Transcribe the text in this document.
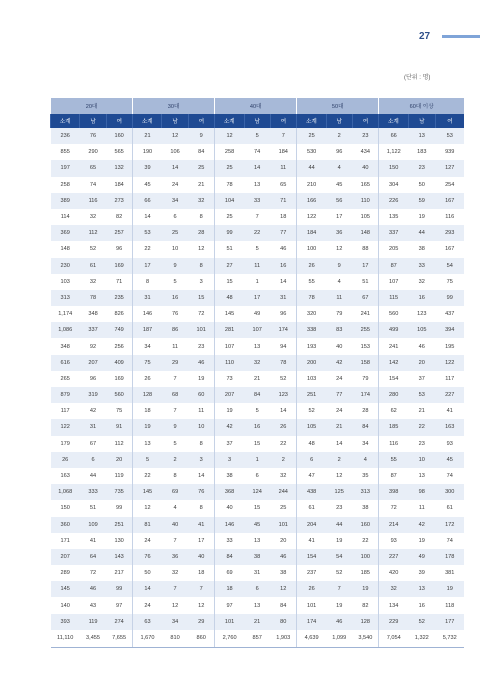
27
(단위 : 명)
20대			30대			40대			50대			60대 이상		
소계	남	여	소계	남	여	소계	남	여	소계	남	여	소계	남	여
236	76	160	21	12	9	12	5	7	25	2	23	66	13	53
855	290	565	190	106	84	258	74	184	530	96	434	1,122	183	939
197	65	132	39	14	25	25	14	11	44	4	40	150	23	127
258	74	184	45	24	21	78	13	65	210	45	165	304	50	254
389	116	273	66	34	32	104	33	71	166	56	110	226	59	167
114	32	82	14	6	8	25	7	18	122	17	105	135	19	116
369	112	257	53	25	28	99	22	77	184	36	148	337	44	293
148	52	96	22	10	12	51	5	46	100	12	88	205	38	167
230	61	169	17	9	8	27	11	16	26	9	17	87	33	54
103	32	71	8	5	3	15	1	14	55	4	51	107	32	75
313	78	235	31	16	15	48	17	31	78	11	67	115	16	99
1,174	348	826	146	76	72	145	49	96	320	79	241	560	123	437
1,086	337	749	187	86	101	281	107	174	338	83	255	499	105	394
348	92	256	34	11	23	107	13	94	193	40	153	241	46	195
616	207	409	75	29	46	110	32	78	200	42	158	142	20	122
265	96	169	26	7	19	73	21	52	103	24	79	154	37	117
879	319	560	128	68	60	207	84	123	251	77	174	280	53	227
117	42	75	18	7	11	19	5	14	52	24	28	62	21	41
122	31	91	19	9	10	42	16	26	105	21	84	185	22	163
179	67	112	13	5	8	37	15	22	48	14	34	116	23	93
26	6	20	5	2	3	3	1	2	6	2	4	55	10	45
163	44	119	22	8	14	38	6	32	47	12	35	87	13	74
1,068	333	735	145	69	76	368	124	244	438	125	313	398	98	300
150	51	99	12	4	8	40	15	25	61	23	38	72	11	61
360	109	251	81	40	41	146	45	101	204	44	160	214	42	172
171	41	130	24	7	17	33	13	20	41	19	22	93	19	74
207	64	143	76	36	40	84	38	46	154	54	100	227	49	178
289	72	217	50	32	18	69	31	38	237	52	185	420	39	381
145	46	99	14	7	7	18	6	12	26	7	19	32	13	19
140	43	97	24	12	12	97	13	84	101	19	82	134	16	118
393	119	274	63	34	29	101	21	80	174	46	128	229	52	177
11,110	3,455	7,655	1,670	810	860	2,760	857	1,903	4,639	1,099	3,540	7,054	1,322	5,732
